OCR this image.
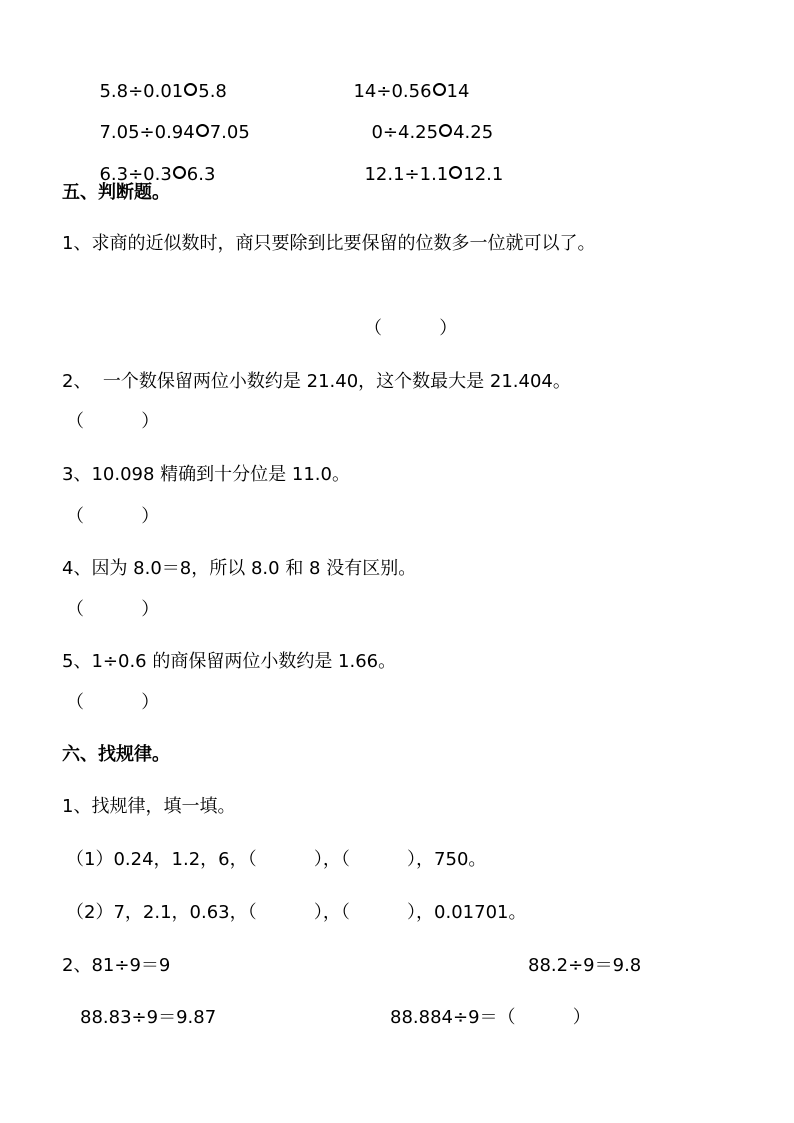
5.8÷0.01 5.8	14÷0.56 14

7.05÷0.94 7.05	0÷4.25 4.25

6.3÷0.3 6.3	12.1÷1.1 12.1

五、判断题。
1、求商的近似数时，商只要除到比要保留的位数多一位就可以了。
（          ）
2、  一个数保留两位小数约是 21.40，这个数最大是 21.404。
（          ）
3、10.098 精确到十分位是 11.0。
（          ）
4、因为 8.0＝8，所以 8.0 和 8 没有区别。
（          ）
5、1÷0.6 的商保留两位小数约是 1.66。
（          ）
六、找规律。
1、找规律，填一填。
（1）0.24，1.2，6，（          ），（          ），750。
（2）7，2.1，0.63，（          ），（          ），0.01701。
2、81÷9＝9	88.2÷9＝9.8
88.83÷9＝9.87	88.884÷9＝（          ）
